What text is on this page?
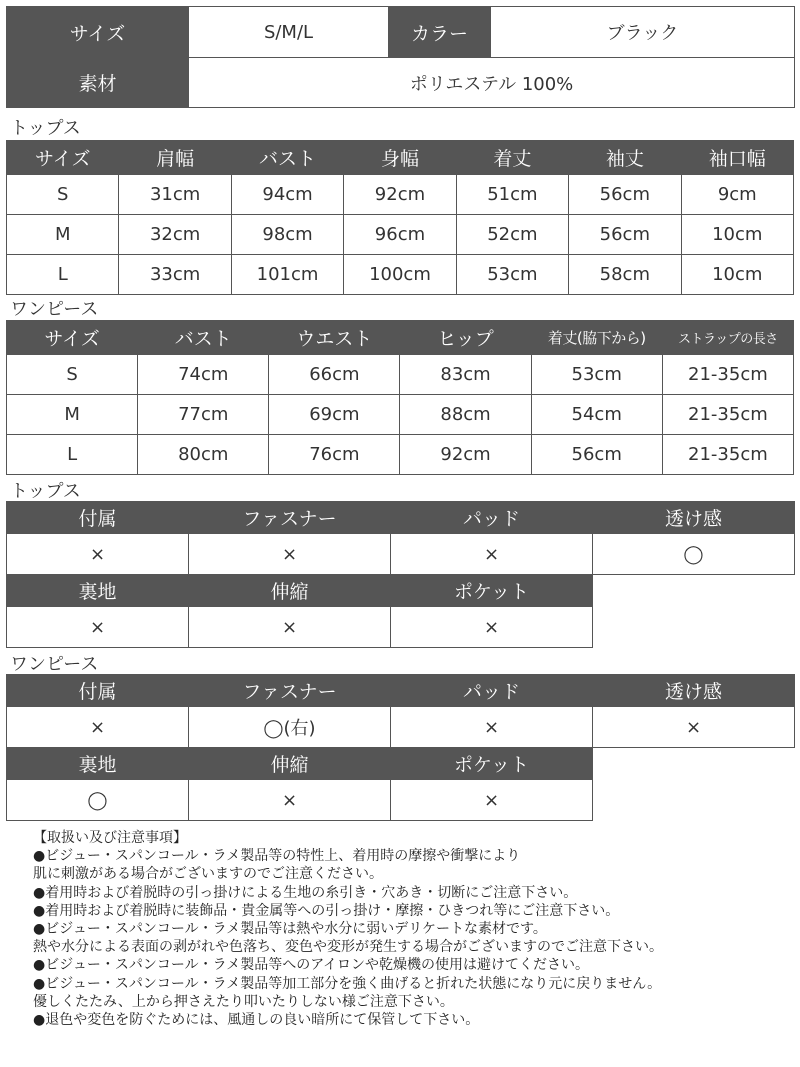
サイズ	S/M/L	カラー	ブラック
素材	ポリエステル 100%		
トップス
サイズ	肩幅	バスト	身幅	着丈	袖丈	袖口幅
S	31cm	94cm	92cm	51cm	56cm	9cm
M	32cm	98cm	96cm	52cm	56cm	10cm
L	33cm	101cm	100cm	53cm	58cm	10cm
ワンピース
サイズ	バスト	ウエスト	ヒップ	着丈(脇下から)	ストラップの長さ
S	74cm	66cm	83cm	53cm	21-35cm
M	77cm	69cm	88cm	54cm	21-35cm
L	80cm	76cm	92cm	56cm	21-35cm
トップス
付属	ファスナー	パッド	透け感
×	×	×	◯
裏地	伸縮	ポケット	
×	×	×	
ワンピース
付属	ファスナー	パッド	透け感
×	◯(右)	×	×
裏地	伸縮	ポケット	
◯	×	×	
【取扱い及び注意事項】
●ビジュー・スパンコール・ラメ製品等の特性上、着用時の摩擦や衝撃により
肌に刺激がある場合がございますのでご注意ください。
●着用時および着脱時の引っ掛けによる生地の糸引き・穴あき・切断にご注意下さい。
●着用時および着脱時に装飾品・貴金属等への引っ掛け・摩擦・ひきつれ等にご注意下さい。
●ビジュー・スパンコール・ラメ製品等は熱や水分に弱いデリケートな素材です。
熱や水分による表面の剥がれや色落ち、変色や変形が発生する場合がございますのでご注意下さい。
●ビジュー・スパンコール・ラメ製品等へのアイロンや乾燥機の使用は避けてください。
●ビジュー・スパンコール・ラメ製品等加工部分を強く曲げると折れた状態になり元に戻りません。
優しくたたみ、上から押さえたり叩いたりしない様ご注意下さい。
●退色や変色を防ぐためには、風通しの良い暗所にて保管して下さい。
